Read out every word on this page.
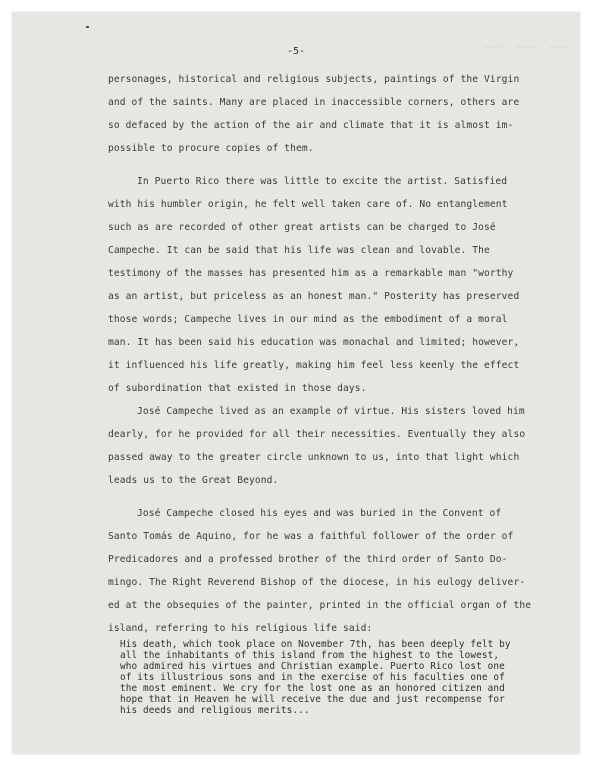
— — —
-5-
personages, historical and religious subjects, paintings of the Virgin
and of the saints. Many are placed in inaccessible corners, others are
so defaced by the action of the air and climate that it is almost im-
possible to procure copies of them.
In Puerto Rico there was little to excite the artist. Satisfied
with his humbler origin, he felt well taken care of. No entanglement
such as are recorded of other great artists can be charged to José
Campeche. It can be said that his life was clean and lovable. The
testimony of the masses has presented him as a remarkable man "worthy
as an artist, but priceless as an honest man." Posterity has preserved
those words; Campeche lives in our mind as the embodiment of a moral
man. It has been said his education was monachal and limited; however,
it influenced his life greatly, making him feel less keenly the effect
of subordination that existed in those days.
José Campeche lived as an example of virtue. His sisters loved him
dearly, for he provided for all their necessities. Eventually they also
passed away to the greater circle unknown to us, into that light which
leads us to the Great Beyond.
José Campeche closed his eyes and was buried in the Convent of
Santo Tomás de Aquino, for he was a faithful follower of the order of
Predicadores and a professed brother of the third order of Santo Do-
mingo. The Right Reverend Bishop of the diocese, in his eulogy deliver-
ed at the obsequies of the painter, printed in the official organ of the
island, referring to his religious life said:
His death, which took place on November 7th, has been deeply felt by
all the inhabitants of this island from the highest to the lowest,
who admired his virtues and Christian example. Puerto Rico lost one
of its illustrious sons and in the exercise of his faculties one of
the most eminent. We cry for the lost one as an honored citizen and
hope that in Heaven he will receive the due and just recompense for
his deeds and religious merits...
